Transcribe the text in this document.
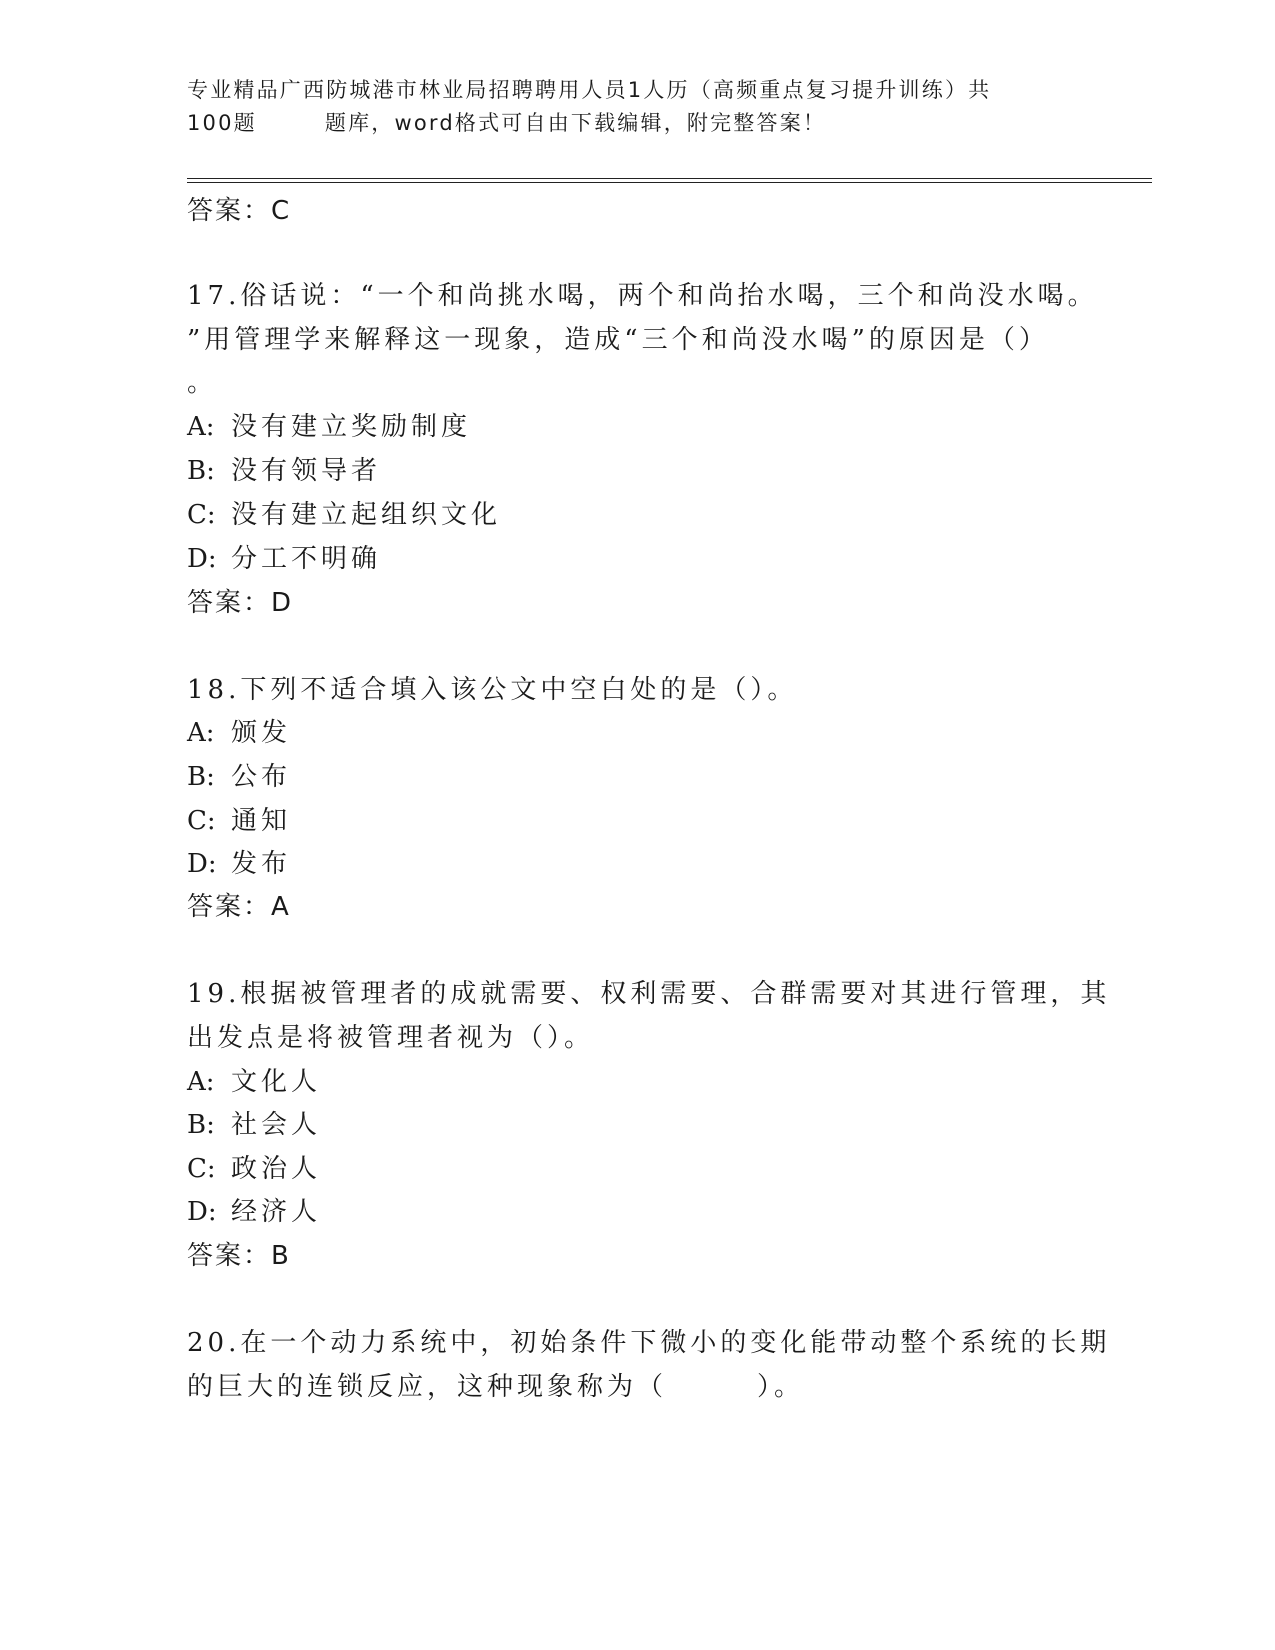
专业精品广西防城港市林业局招聘聘用人员1人历（高频重点复习提升训练）共
100题	题库，word格式可自由下载编辑，附完整答案！
答案：C
17.俗话说：“一个和尚挑水喝，两个和尚抬水喝，三个和尚没水喝。
”用管理学来解释这一现象，造成“三个和尚没水喝”的原因是（）
。
A: 没有建立奖励制度
B: 没有领导者
C: 没有建立起组织文化
D: 分工不明确
答案：D
18.下列不适合填入该公文中空白处的是（）。
A: 颁发
B: 公布
C: 通知
D: 发布
答案：A
19.根据被管理者的成就需要、权利需要、合群需要对其进行管理，其
出发点是将被管理者视为（）。
A: 文化人
B: 社会人
C: 政治人
D: 经济人
答案：B
20.在一个动力系统中，初始条件下微小的变化能带动整个系统的长期
的巨大的连锁反应，这种现象称为（	）。
